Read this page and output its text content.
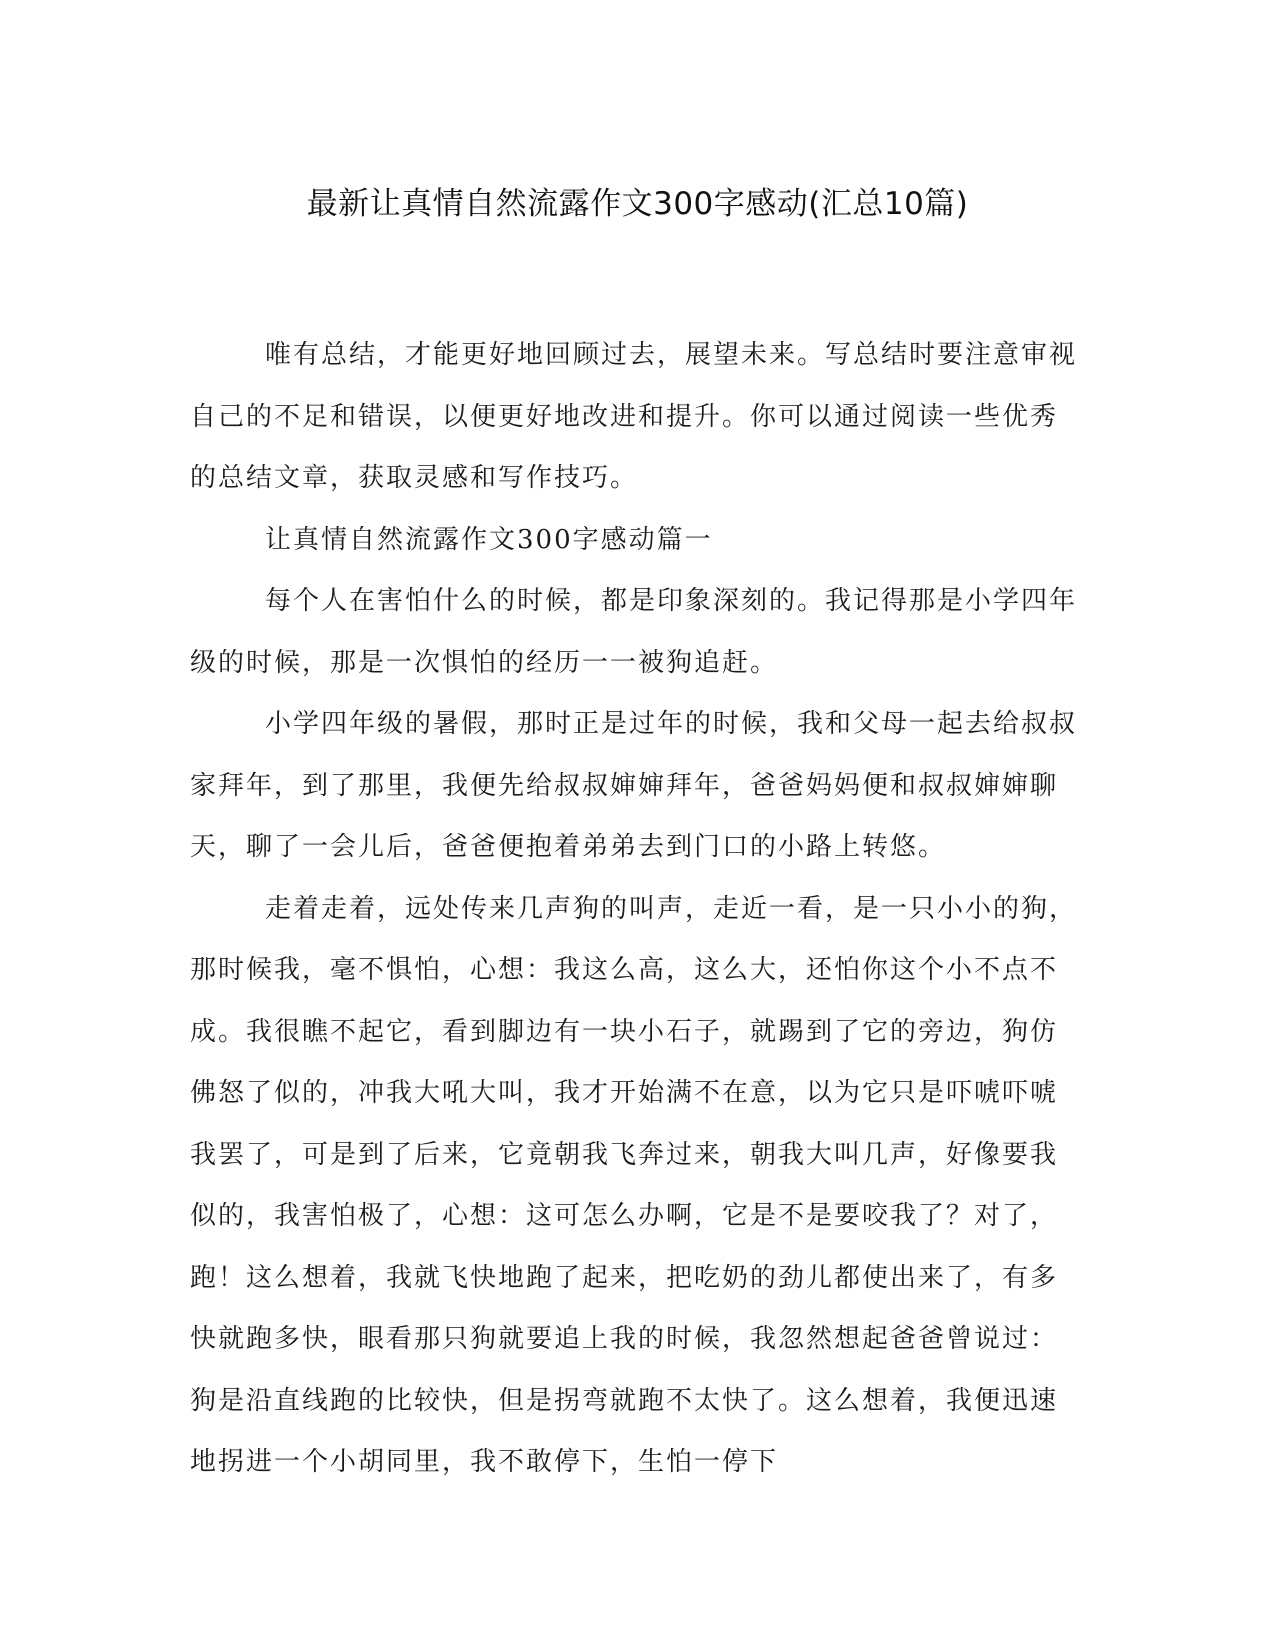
最新让真情自然流露作文300字感动(汇总10篇)

唯有总结，才能更好地回顾过去，展望未来。写总结时要注意审视自己的不足和错误，以便更好地改进和提升。你可以通过阅读一些优秀的总结文章，获取灵感和写作技巧。

让真情自然流露作文300字感动篇一

每个人在害怕什么的时候，都是印象深刻的。我记得那是小学四年级的时候，那是一次惧怕的经历一一被狗追赶。

小学四年级的暑假，那时正是过年的时候，我和父母一起去给叔叔家拜年，到了那里，我便先给叔叔婶婶拜年，爸爸妈妈便和叔叔婶婶聊天，聊了一会儿后，爸爸便抱着弟弟去到门口的小路上转悠。

走着走着，远处传来几声狗的叫声，走近一看，是一只小小的狗，那时候我，毫不惧怕，心想：我这么高，这么大，还怕你这个小不点不成。我很瞧不起它，看到脚边有一块小石子，就踢到了它的旁边，狗仿佛怒了似的，冲我大吼大叫，我才开始满不在意，以为它只是吓唬吓唬我罢了，可是到了后来，它竟朝我飞奔过来，朝我大叫几声，好像要我似的，我害怕极了，心想：这可怎么办啊，它是不是要咬我了？对了，跑！这么想着，我就飞快地跑了起来，把吃奶的劲儿都使出来了，有多快就跑多快，眼看那只狗就要追上我的时候，我忽然想起爸爸曾说过：狗是沿直线跑的比较快，但是拐弯就跑不太快了。这么想着，我便迅速地拐进一个小胡同里，我不敢停下，生怕一停下
